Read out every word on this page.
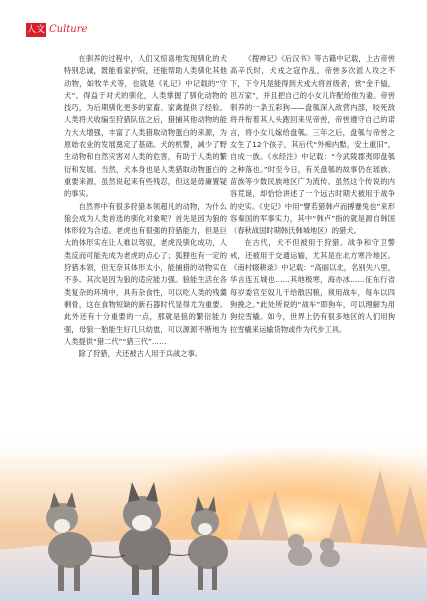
人文 Culture

在驯养的过程中，人们又惊喜地发现驯化的犬特别忠诚，既能看家护院，还能帮助人类驯化其他动物，如牧羊犬等，也就是《礼记》中记载的“守犬”。得益于对犬的驯化，人类掌握了驯化动物的技巧，为后期驯化更多的家畜、家禽提供了经验。人类将犬收编至狩猎队伍之后，猎捕其他动物的能力大大增强，丰富了人类猎取动物蛋白的来源，为原始农业的发展奠定了基础。犬的机警，减少了野生动物和自然灾害对人类的危害，有助于人类的繁衍和发展。当然，犬本身也是人类猎取动物蛋白的重要来源，虽然说起来有些残忍，但这是毋庸置疑的事实。

自然界中有很多狩猎本领超凡的动物，为什么狼会成为人类首选的驯化对象呢？首先是因为狼的体形较为合适。老虎也有很强的狩猎能力，但是巨大的体形实在让人难以驾驭，老虎没驯化成功，人类反而可能先成为老虎的点心了；狐狸也有一定的狩猎本领，但无奈其体形太小，能捕猎的动物实在不多。其次是因为狼的适应能力强。狼能生活在各类复杂的环境中，具有杂食性，可以吃人类的残羹剩骨，这在食物短缺的新石器时代显得尤为重要。此外还有十分重要的一点，那就是狼的繁衍能力强，母狼一胎能生好几只幼崽，可以源源不断地为人类提供“猎二代”“猎三代”……

除了狩猎，犬还被古人用于兵战之事。

《搜神记》《后汉书》等古籍中记载，上古帝喾高辛氏时，犬戎之寇作乱，帝喾多次派人攻之不下，下令凡是能得到犬戎大将首级者，赏“金千镒，邑万家”，并且把自己的小女儿许配给他为妻。帝喾驯养的一条五彩狗——盘瓠深入敌营内部，咬死敌将并衔着其人头跑回来见帝喾，帝喾遵守自己的诺言，将小女儿嫁给盘瓠。三年之后，盘瓠与帝喾之女生了12个孩子，其后代“外痴内黠，安土重旧”，自成一族。《水经注》中记载：“今武陵郡夷即盘瓠之种落也。”时至今日，有关盘瓠的故事仍在瑶族、苗族等少数民族地区广为流传。虽然这个传说的内容荒诞，却恰恰讲述了一个远古时期犬被用于战争的史实。《史记》中用“譬若猎韩卢而搏蹇兔也”来形容秦国的军事实力，其中“韩卢”指的就是源自韩国（春秋战国时期韩氏韩城地区）的猎犬。

在古代，犬不但被用于狩猎、战争和守卫警戒，还被用于交通运输，尤其是在北方寒冷地区。《南村辍耕录》中记载：“高丽以北，名别失八里，华言连五城也……其地极寒，海亦冰……征东行省每岁委官至奴儿干给散囚粮，须用战车，每车以四狗挽之。”此处所说的“战车”即狗车，可以理解为用狗拉雪橇。如今，世界上仍有很多地区的人们用狗拉雪橇来运输货物或作为代步工具。
